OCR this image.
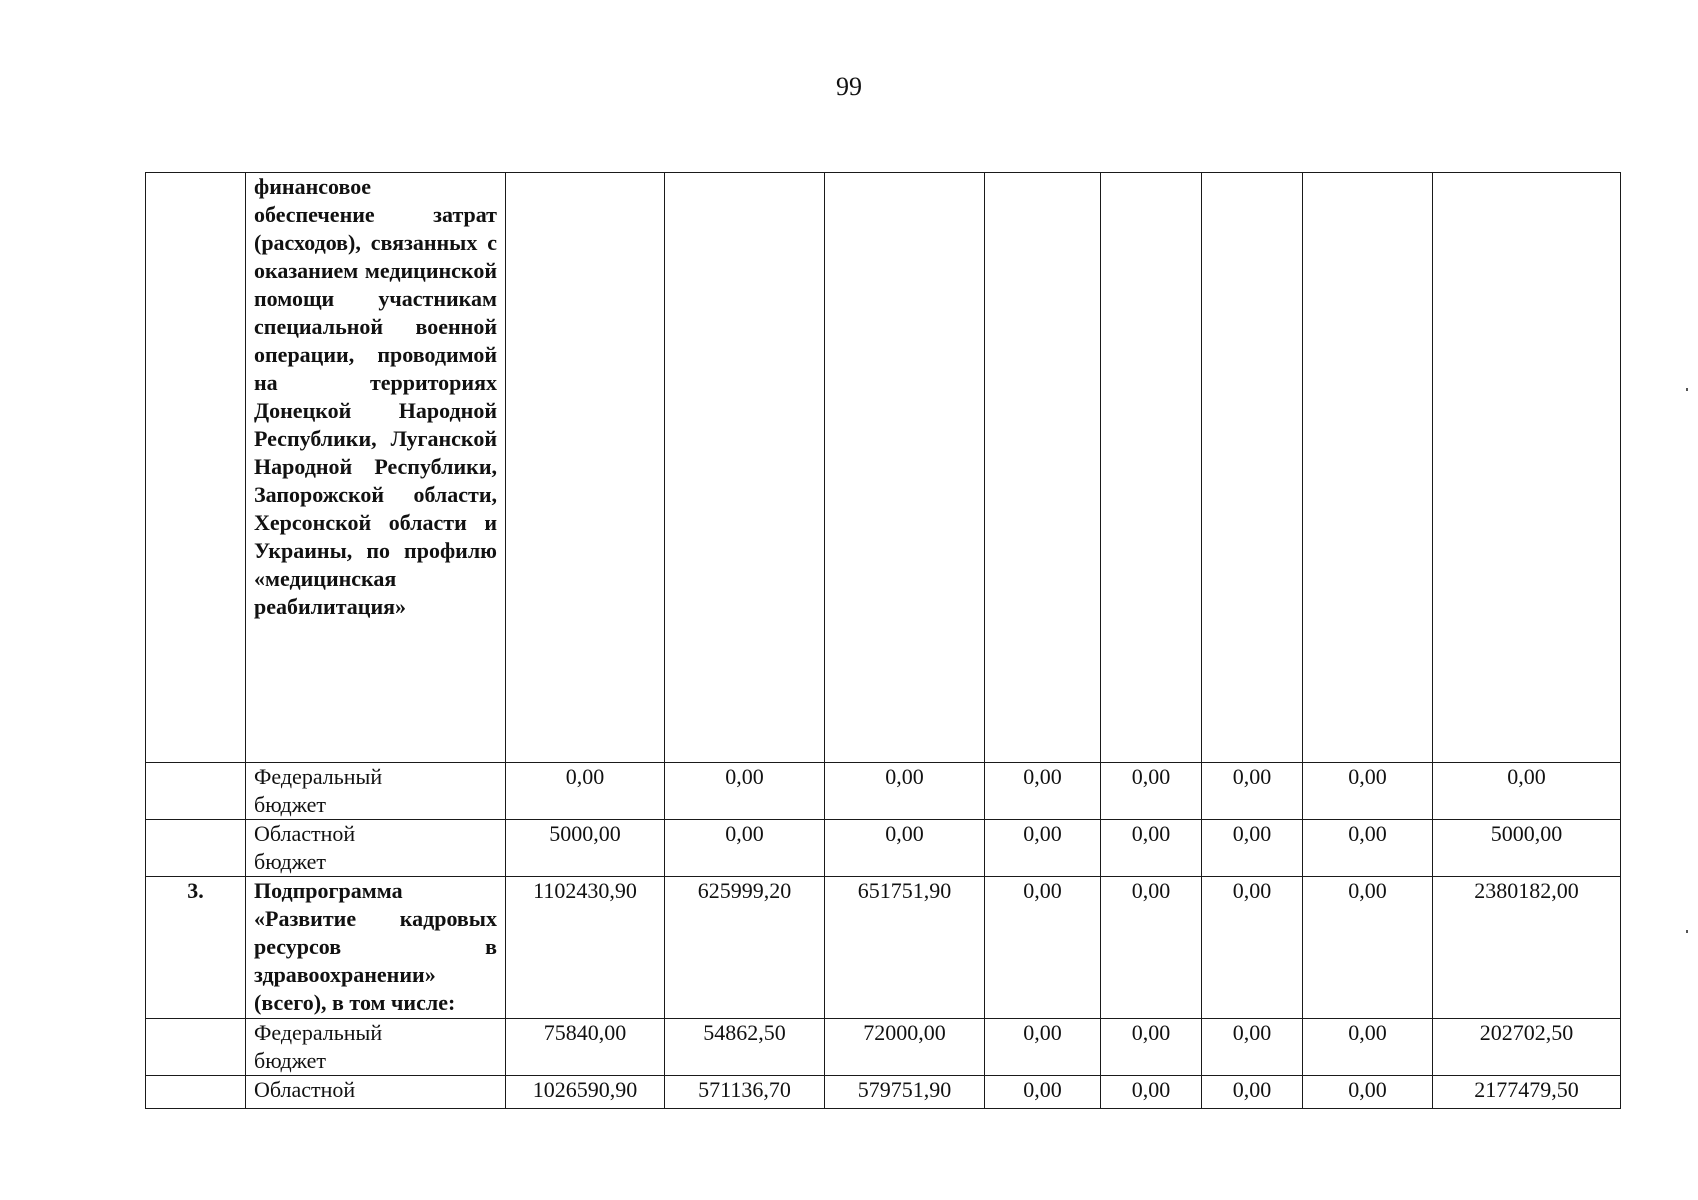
99
	финансовое обеспечение затрат (расходов), связанных с оказанием медицинской помощи участникам специальной военной операции, проводимой на территориях Донецкой Народной Республики, Луганской Народной Республики, Запорожской области, Херсонской области и Украины, по профилю «медицинская реабилитация»								

	Федеральный
бюджет	0,00	0,00	0,00	0,00	0,00	0,00	0,00	0,00

	Областной
бюджет	5000,00	0,00	0,00	0,00	0,00	0,00	0,00	5000,00
3.	Подпрограмма «Развитие кадровых ресурсов в здравоохранении» (всего), в том числе:	1102430,90	625999,20	651751,90	0,00	0,00	0,00	0,00	2380182,00

	Федеральный
бюджет	75840,00	54862,50	72000,00	0,00	0,00	0,00	0,00	202702,50

	Областной	1026590,90	571136,70	579751,90	0,00	0,00	0,00	0,00	2177479,50
